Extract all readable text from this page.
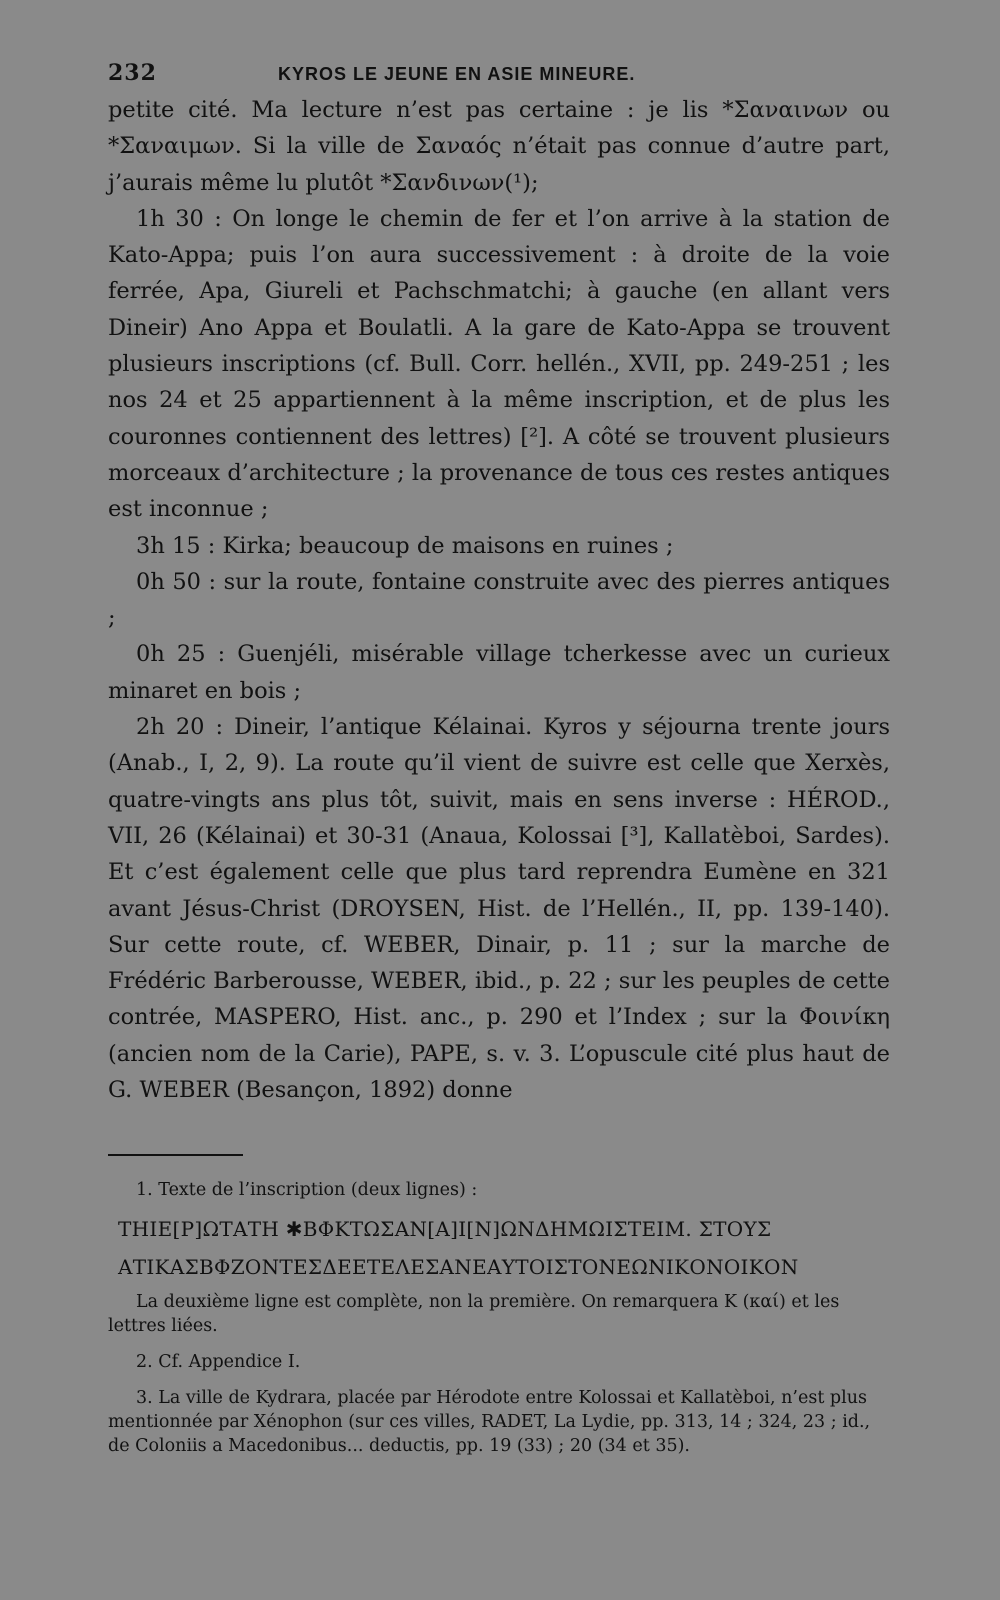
232	KYROS LE JEUNE EN ASIE MINEURE.

petite cité. Ma lecture n’est pas certaine : je lis *Σαναινων ou *Σαναιμων. Si la ville de Σαναός n’était pas connue d’autre part, j’aurais même lu plutôt *Σανδινων(¹);

1h 30 : On longe le chemin de fer et l’on arrive à la station de Kato-Appa; puis l’on aura successivement : à droite de la voie ferrée, Apa, Giureli et Pachschmatchi; à gauche (en allant vers Dineir) Ano Appa et Boulatli. A la gare de Kato-Appa se trouvent plusieurs inscriptions (cf. Bull. Corr. hellén., XVII, pp. 249-251 ; les nos 24 et 25 appartiennent à la même inscription, et de plus les couronnes contiennent des lettres) [²]. A côté se trouvent plusieurs morceaux d’architecture ; la provenance de tous ces restes antiques est inconnue ;

3h 15 : Kirka; beaucoup de maisons en ruines ;

0h 50 : sur la route, fontaine construite avec des pierres antiques ;

0h 25 : Guenjéli, misérable village tcherkesse avec un curieux minaret en bois ;

2h 20 : Dineir, l’antique Kélainai. Kyros y séjourna trente jours (Anab., I, 2, 9). La route qu’il vient de suivre est celle que Xerxès, quatre-vingts ans plus tôt, suivit, mais en sens inverse : HÉROD., VII, 26 (Kélainai) et 30-31 (Anaua, Kolossai [³], Kallatèboi, Sardes). Et c’est également celle que plus tard reprendra Eumène en 321 avant Jésus-Christ (DROYSEN, Hist. de l’Hellén., II, pp. 139-140). Sur cette route, cf. WEBER, Dinair, p. 11 ; sur la marche de Frédéric Barberousse, WEBER, ibid., p. 22 ; sur les peuples de cette contrée, MASPERO, Hist. anc., p. 290 et l’Index ; sur la Φοινίκη (ancien nom de la Carie), PAPE, s. v. 3. L’opuscule cité plus haut de G. WEBER (Besançon, 1892) donne

1. Texte de l’inscription (deux lignes) :

ΤΗΙΕ[Ρ]ΩΤΑΤΗ ✱ΒΦΚΤΩΣΑΝ[Α]Ι[Ν]ΩΝΔΗΜΩΙΣΤΕΙΜ. ΣΤΟΥΣ

ΑΤΙΚΑΣΒΦΖΟΝΤΕΣΔΕΕΤΕΛΕΣΑΝΕΑΥΤΟΙΣΤΟΝΕΩΝΙΚΟΝΟΙΚΟΝ

La deuxième ligne est complète, non la première. On remarquera Κ (καί) et les lettres liées.

2. Cf. Appendice I.

3. La ville de Kydrara, placée par Hérodote entre Kolossai et Kallatèboi, n’est plus mentionnée par Xénophon (sur ces villes, RADET, La Lydie, pp. 313, 14 ; 324, 23 ; id., de Coloniis a Macedonibus... deductis, pp. 19 (33) ; 20 (34 et 35).
